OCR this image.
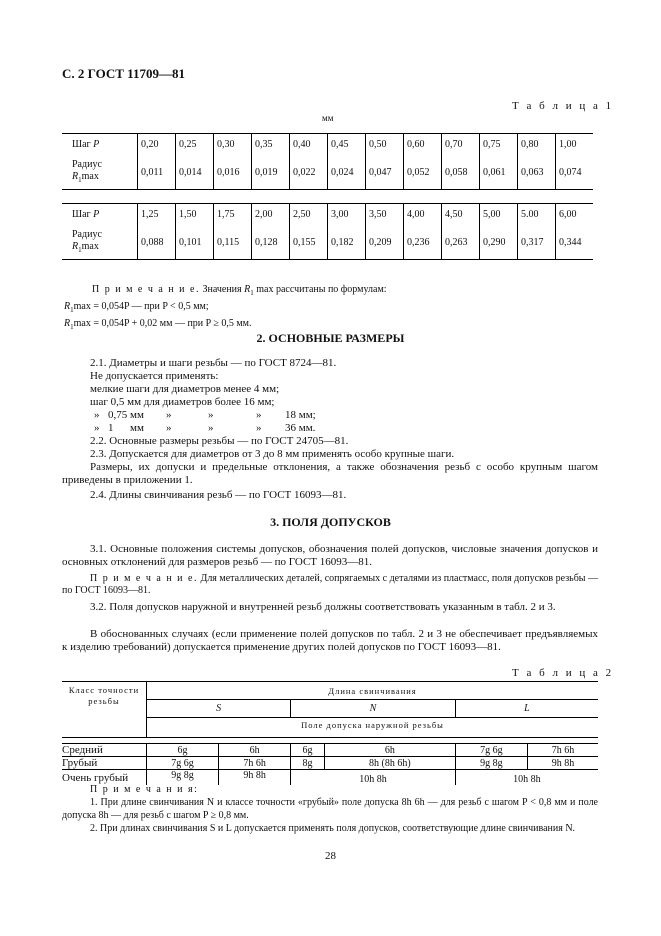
С. 2 ГОСТ 11709—81
Т а б л и ц а 1
мм
Шаг P	0,20	0,25	0,30	0,35	0,40	0,45	0,50	0,60	0,70	0,75	0,80	1,00
Радиус
$R_1\max$	0,011	0,014	0,016	0,019	0,022	0,024	0,047	0,052	0,058	0,061	0,063	0,074
Шаг P	1,25	1,50	1,75	2,00	2,50	3,00	3,50	4,00	4,50	5,00	5.00	6,00
Радиус
$R_1\max$	0,088	0,101	0,115	0,128	0,155	0,182	0,209	0,236	0,263	0,290	0,317	0,344
П р и м е ч а н и е. Значения $R_1$ max рассчитаны по формулам:
$R_1\max = 0,054P$ — при P < 0,5 мм;
$R_1\max = 0,054P + 0,02$ мм — при P ≥ 0,5 мм.
2. ОСНОВНЫЕ РАЗМЕРЫ
2.1. Диаметры и шаги резьбы — по ГОСТ 8724—81.
Не допускается применять:
мелкие шаги для диаметров менее 4 мм;
шаг 0,5 мм для диаметров более 16 мм;
» 0,75 мм »	»	» 18 мм;
» 1 мм »	»	» 36 мм.
2.2. Основные размеры резьбы — по ГОСТ 24705—81.
2.3. Допускается для диаметров от 3 до 8 мм применять особо крупные шаги.
Размеры, их допуски и предельные отклонения, а также обозначения резьб с особо крупным шагом приведены в приложении 1.
2.4. Длины свинчивания резьб — по ГОСТ 16093—81.
3. ПОЛЯ ДОПУСКОВ
3.1. Основные положения системы допусков, обозначения полей допусков, числовые значения допусков и основных отклонений для размеров резьб — по ГОСТ 16093—81.
П р и м е ч а н и е. Для металлических деталей, сопрягаемых с деталями из пластмасс, поля допусков резьбы — по ГОСТ 16093—81.
3.2. Поля допусков наружной и внутренней резьб должны соответствовать указанным в табл. 2 и 3.
В обоснованных случаях (если применение полей допусков по табл. 2 и 3 не обеспечивает предъявляемых к изделию требований) допускается применение других полей допусков по ГОСТ 16093—81.
Т а б л и ц а 2
Класс точности резьбы	Длина свинчивания					
	S		N		L	
	Поле допуска наружной резьбы					

Средний	6g	6h	6g	6h	7g 6g	7h 6h
Грубый	7g 6g	7h 6h	8g	8h (8h 6h)	9g 8g	9h 8h
Очень грубый	9g 8g	9h 8h	10h 8h		10h 8h	
П р и м е ч а н и я:
1. При длине свинчивания N и классе точности «грубый» поле допуска 8h 6h — для резьб с шагом P < 0,8 мм и поле допуска 8h — для резьб с шагом P ≥ 0,8 мм.
2. При длинах свинчивания S и L допускается применять поля допусков, соответствующие длине свинчивания N.
28
